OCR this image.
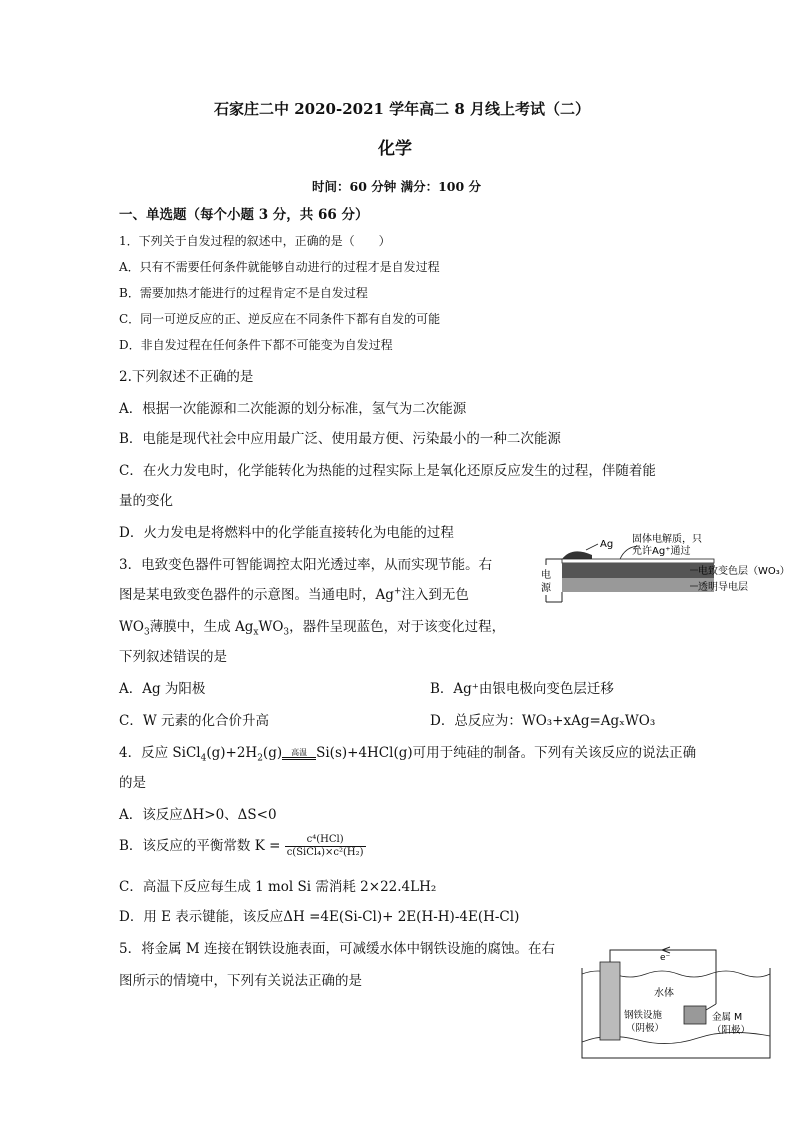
石家庄二中 2020-2021 学年高二 8 月线上考试（二）
化学
时间：60 分钟 满分：100 分
一、单选题（每个小题 3 分，共 66 分）
1．下列关于自发过程的叙述中，正确的是（　　）
A．只有不需要任何条件就能够自动进行的过程才是自发过程
B．需要加热才能进行的过程肯定不是自发过程
C．同一可逆反应的正、逆反应在不同条件下都有自发的可能
D．非自发过程在任何条件下都不可能变为自发过程
2.下列叙述不正确的是
A．根据一次能源和二次能源的划分标准，氢气为二次能源
B．电能是现代社会中应用最广泛、使用最方便、污染最小的一种二次能源
C．在火力发电时，化学能转化为热能的过程实际上是氧化还原反应发生的过程，伴随着能
量的变化
D．火力发电是将燃料中的化学能直接转化为电能的过程
3．电致变色器件可智能调控太阳光透过率，从而实现节能。右
图是某电致变色器件的示意图。当通电时，Ag+注入到无色
$WO_3$薄膜中，生成 $Ag_xWO_3$，器件呈现蓝色，对于该变化过程，
下列叙述错误的是
电
源
Ag 固体电解质，只
允许Ag⁺通过
电致变色层（WO₃）
透明导电层
A．Ag 为阳极	B．Ag⁺由银电极向变色层迁移
C．W 元素的化合价升高	D．总反应为：WO₃+xAg=AgₓWO₃
4．反应 $SiCl_4(g)+2H_2(g)$	高温 Si(s)+4HCl(g)可用于纯硅的制备。下列有关该反应的说法正确
的是
A．该反应ΔH>0、ΔS<0
B．该反应的平衡常数 $K = \frac{\text{c⁴(HCl)}}{\text{c(SiCl₄)×c²(H₂)}}$
C．高温下反应每生成 1 mol Si 需消耗 2×22.4LH₂
D．用 E 表示键能，该反应ΔH =4E(Si-Cl)+ 2E(H-H)-4E(H-Cl)
5．将金属 M 连接在钢铁设施表面，可减缓水体中钢铁设施的腐蚀。在右
图所示的情境中，下列有关说法正确的是
e⁻
水体
钢铁设施
（阴极）
金属 M
（阳极）
